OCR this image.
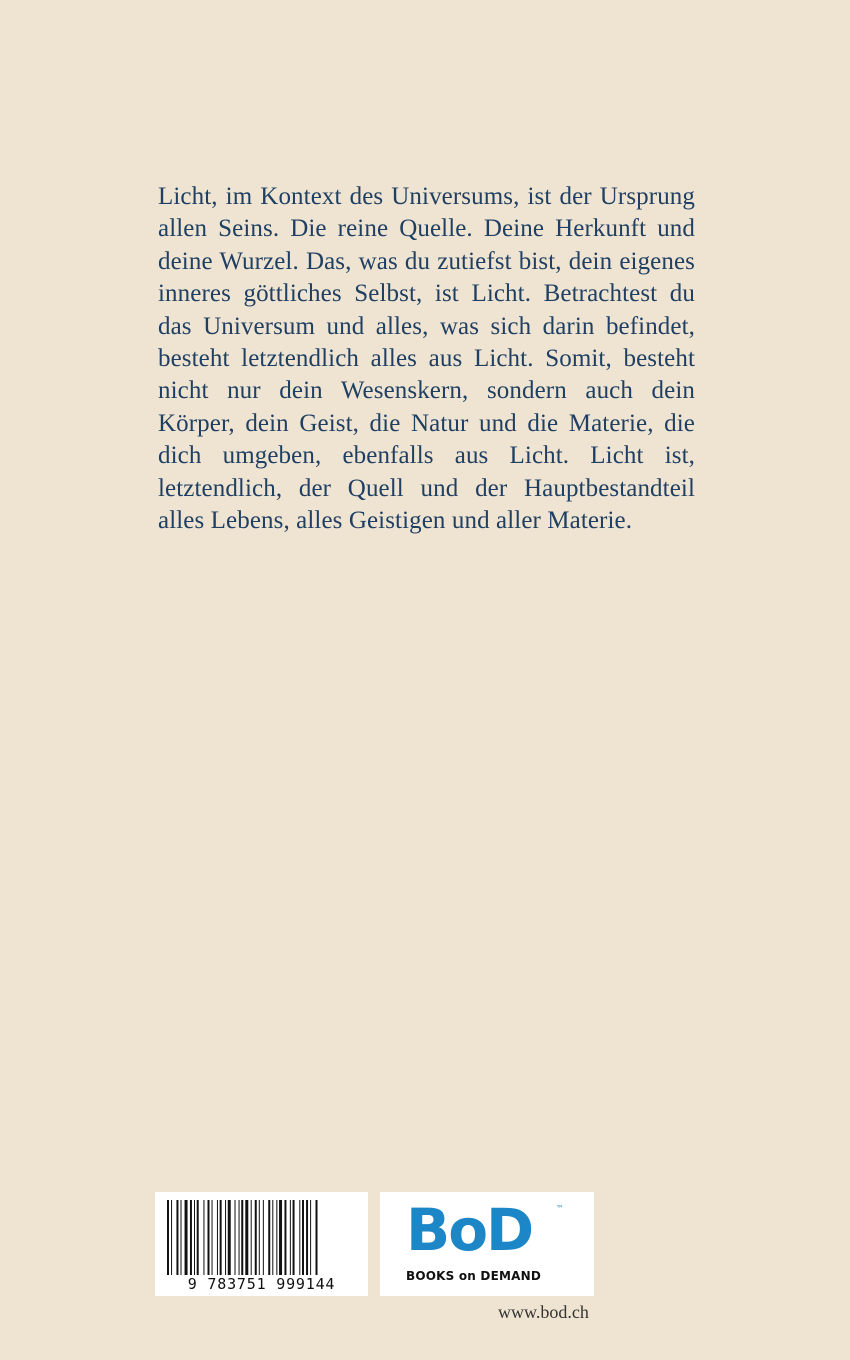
Licht, im Kontext des Universums, ist der Ursprung allen Seins. Die reine Quelle. Deine Herkunft und deine Wurzel. Das, was du zutiefst bist, dein eigenes inneres göttliches Selbst, ist Licht. Betrachtest du das Universum und alles, was sich darin befindet, besteht letztendlich alles aus Licht. Somit, besteht nicht nur dein Wesenskern, sondern auch dein Körper, dein Geist, die Natur und die Materie, die dich umgeben, ebenfalls aus Licht. Licht ist, letztendlich, der Quell und der Hauptbestandteil alles Lebens, alles Geistigen und aller Materie.

9 783751 999144
BoD	™
BOOKS on DEMAND
www.bod.ch
